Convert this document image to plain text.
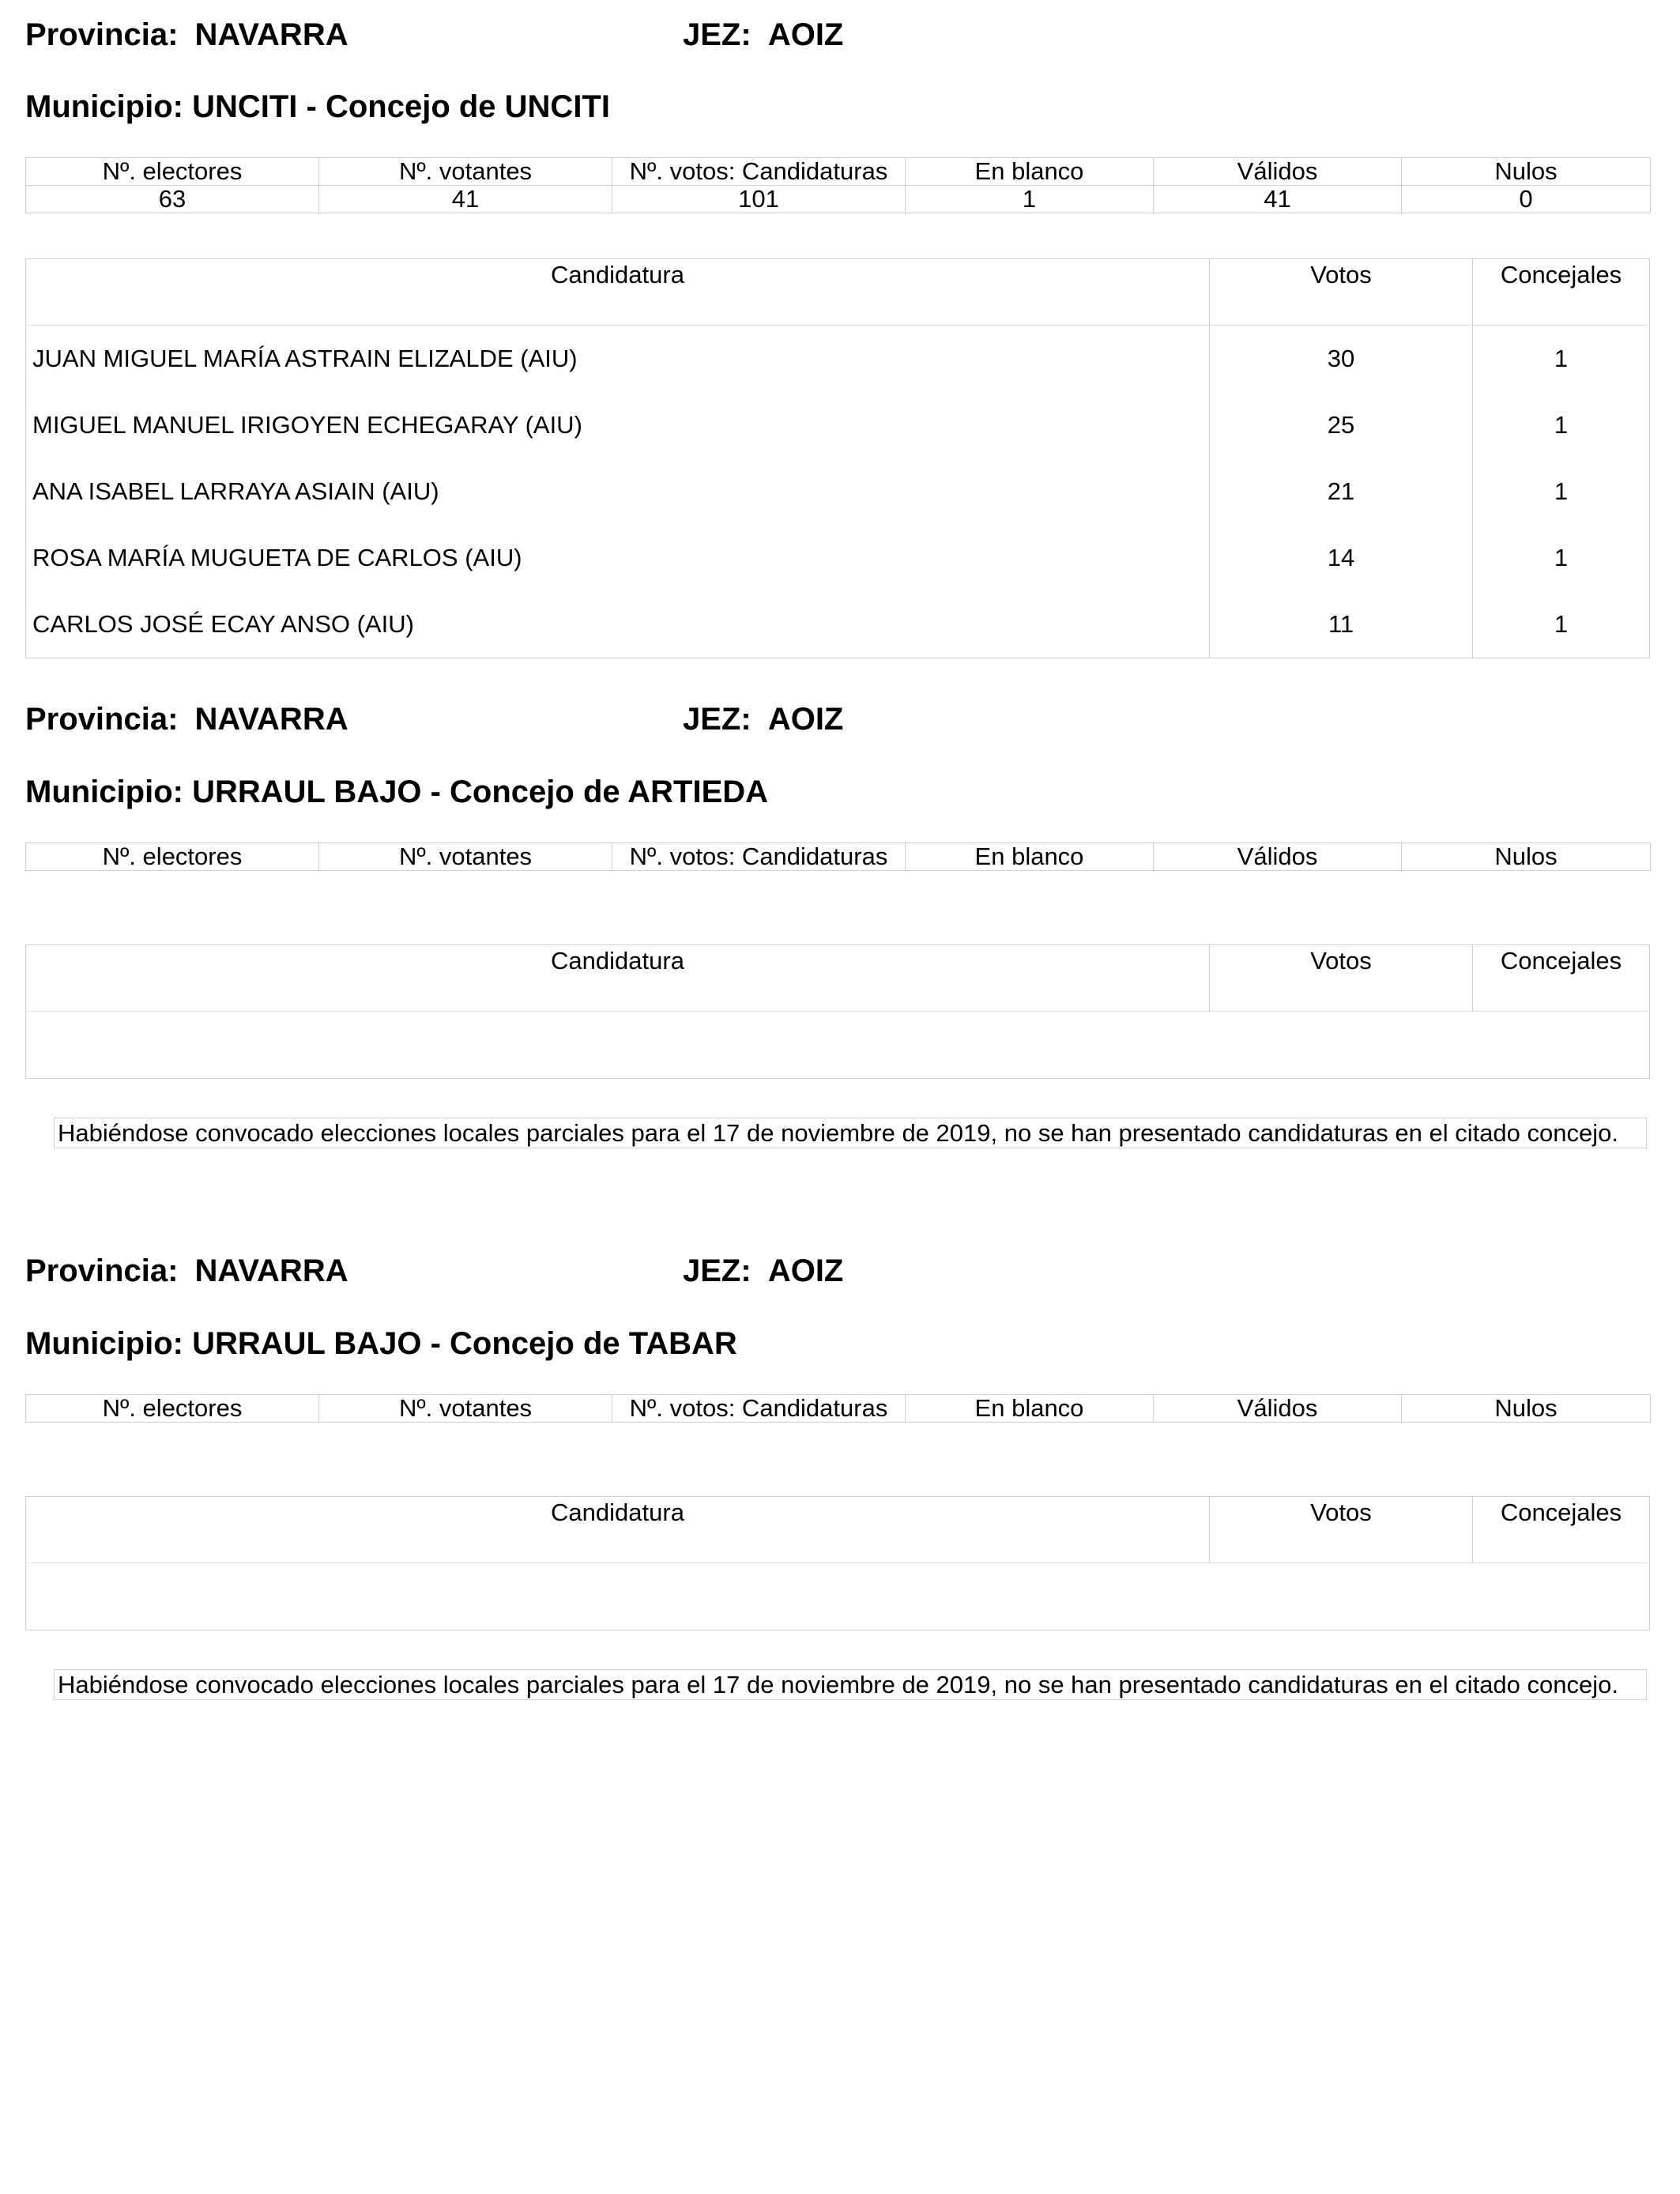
Provincia: NAVARRA	JEZ: AOIZ
Municipio: UNCITI - Concejo de UNCITI
Nº. electores	Nº. votantes	Nº. votos: Candidaturas	En blanco	Válidos	Nulos
63	41	101	1	41	0
Candidatura	Votos	Concejales
JUAN MIGUEL MARÍA ASTRAIN ELIZALDE (AIU)	30	1
MIGUEL MANUEL IRIGOYEN ECHEGARAY (AIU)	25	1
ANA ISABEL LARRAYA ASIAIN (AIU)	21	1
ROSA MARÍA MUGUETA DE CARLOS (AIU)	14	1
CARLOS JOSÉ ECAY ANSO (AIU)	11	1
Provincia: NAVARRA	JEZ: AOIZ
Municipio: URRAUL BAJO - Concejo de ARTIEDA
Nº. electores	Nº. votantes	Nº. votos: Candidaturas	En blanco	Válidos	Nulos
Candidatura	Votos	Concejales

Habiéndose convocado elecciones locales parciales para el 17 de noviembre de 2019, no se han presentado candidaturas en el citado concejo.
Provincia: NAVARRA	JEZ: AOIZ
Municipio: URRAUL BAJO - Concejo de TABAR
Nº. electores	Nº. votantes	Nº. votos: Candidaturas	En blanco	Válidos	Nulos
Candidatura	Votos	Concejales

Habiéndose convocado elecciones locales parciales para el 17 de noviembre de 2019, no se han presentado candidaturas en el citado concejo.
